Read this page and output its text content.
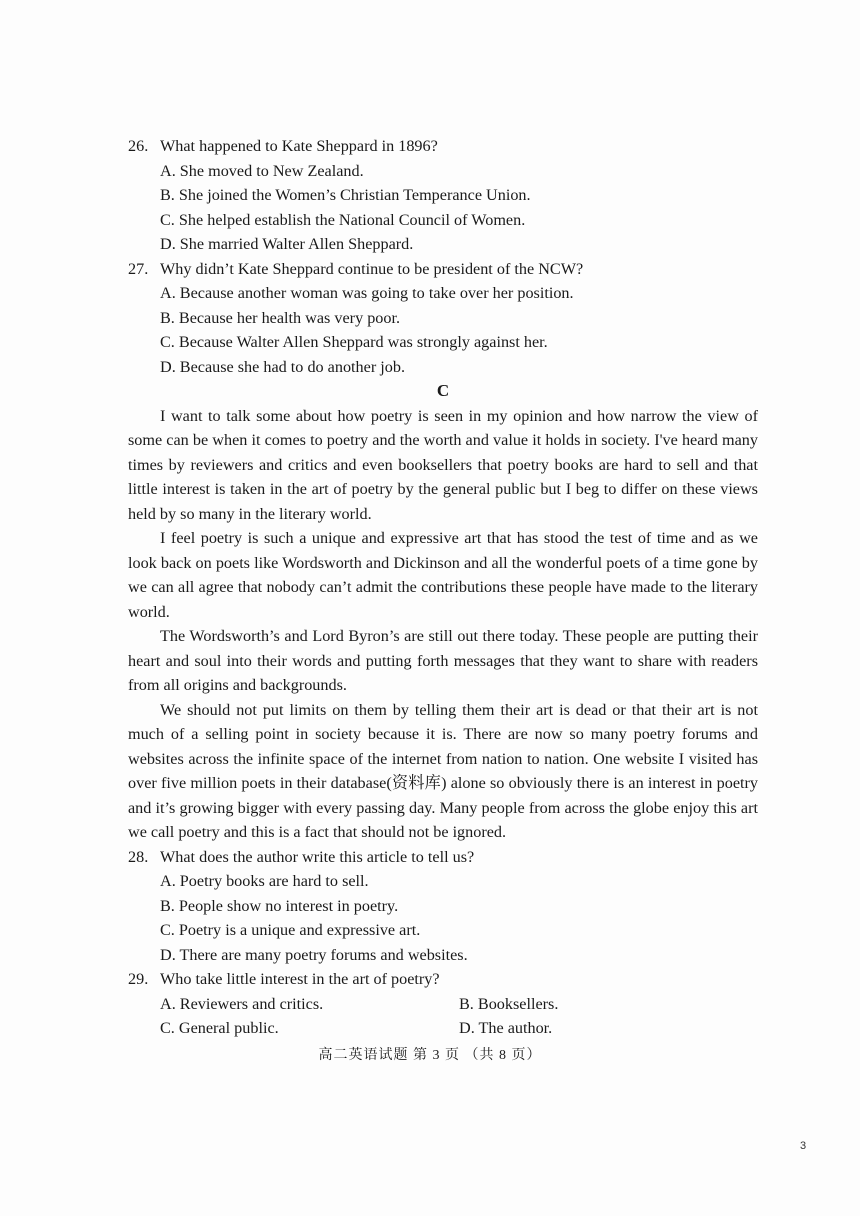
26. What happened to Kate Sheppard in 1896?

A. She moved to New Zealand.

B. She joined the Women’s Christian Temperance Union.

C. She helped establish the National Council of Women.

D. She married Walter Allen Sheppard.

27. Why didn’t Kate Sheppard continue to be president of the NCW?

A. Because another woman was going to take over her position.

B. Because her health was very poor.

C. Because Walter Allen Sheppard was strongly against her.

D. Because she had to do another job.

C

I want to talk some about how poetry is seen in my opinion and how narrow the view of some can be when it comes to poetry and the worth and value it holds in society. I've heard many times by reviewers and critics and even booksellers that poetry books are hard to sell and that little interest is taken in the art of poetry by the general public but I beg to differ on these views held by so many in the literary world.

I feel poetry is such a unique and expressive art that has stood the test of time and as we look back on poets like Wordsworth and Dickinson and all the wonderful poets of a time gone by we can all agree that nobody can’t admit the contributions these people have made to the literary world.

The Wordsworth’s and Lord Byron’s are still out there today. These people are putting their heart and soul into their words and putting forth messages that they want to share with readers from all origins and backgrounds.

We should not put limits on them by telling them their art is dead or that their art is not much of a selling point in society because it is. There are now so many poetry forums and websites across the infinite space of the internet from nation to nation. One website I visited has over five million poets in their database(资料库) alone so obviously there is an interest in poetry and it’s growing bigger with every passing day. Many people from across the globe enjoy this art we call poetry and this is a fact that should not be ignored.

28. What does the author write this article to tell us?

A. Poetry books are hard to sell.

B. People show no interest in poetry.

C. Poetry is a unique and expressive art.

D. There are many poetry forums and websites.

29. Who take little interest in the art of poetry?

A. Reviewers and critics.	B. Booksellers.
C. General public.	D. The author.
高二英语试题 第 3 页 （共 8 页）
3
